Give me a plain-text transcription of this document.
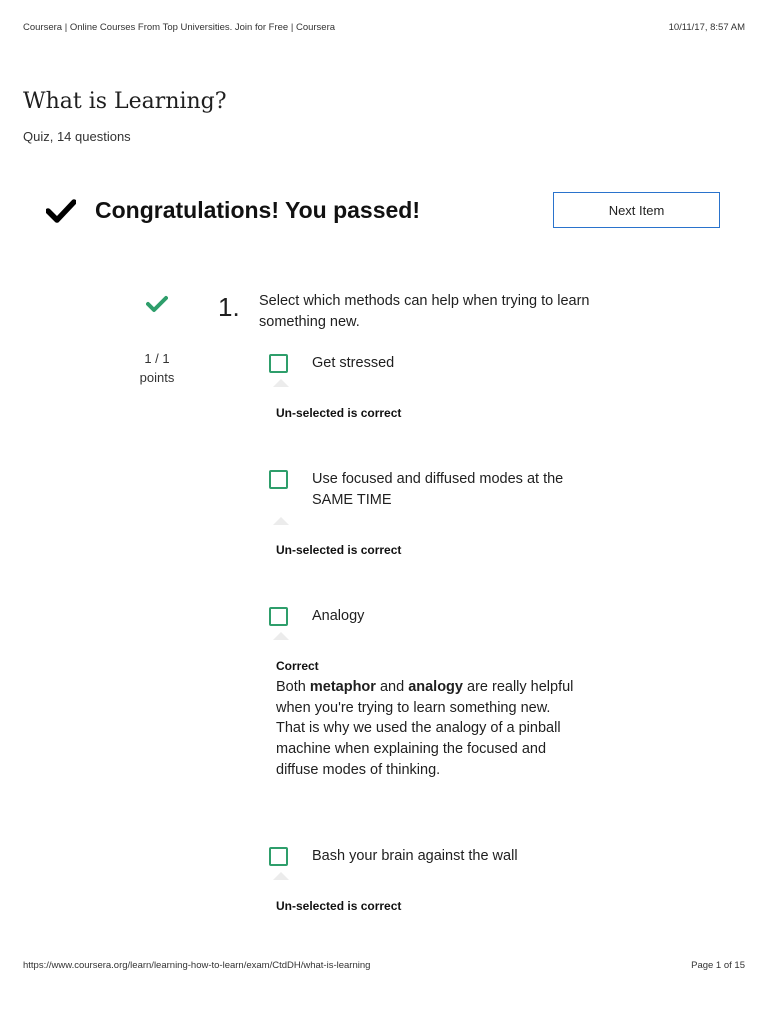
Coursera | Online Courses From Top Universities. Join for Free | Coursera	10/11/17, 8:57 AM
What is Learning?
Quiz, 14 questions
Congratulations! You passed!	Next Item
1 / 1
points
1. Select which methods can help when trying to learn something new.
Get stressed
Un-selected is correct
Use focused and diffused modes at the SAME TIME
Un-selected is correct
Analogy
Correct
Both metaphor and analogy are really helpful when you're trying to learn something new. That is why we used the analogy of a pinball machine when explaining the focused and diffuse modes of thinking.
Bash your brain against the wall
Un-selected is correct
https://www.coursera.org/learn/learning-how-to-learn/exam/CtdDH/what-is-learning	Page 1 of 15
